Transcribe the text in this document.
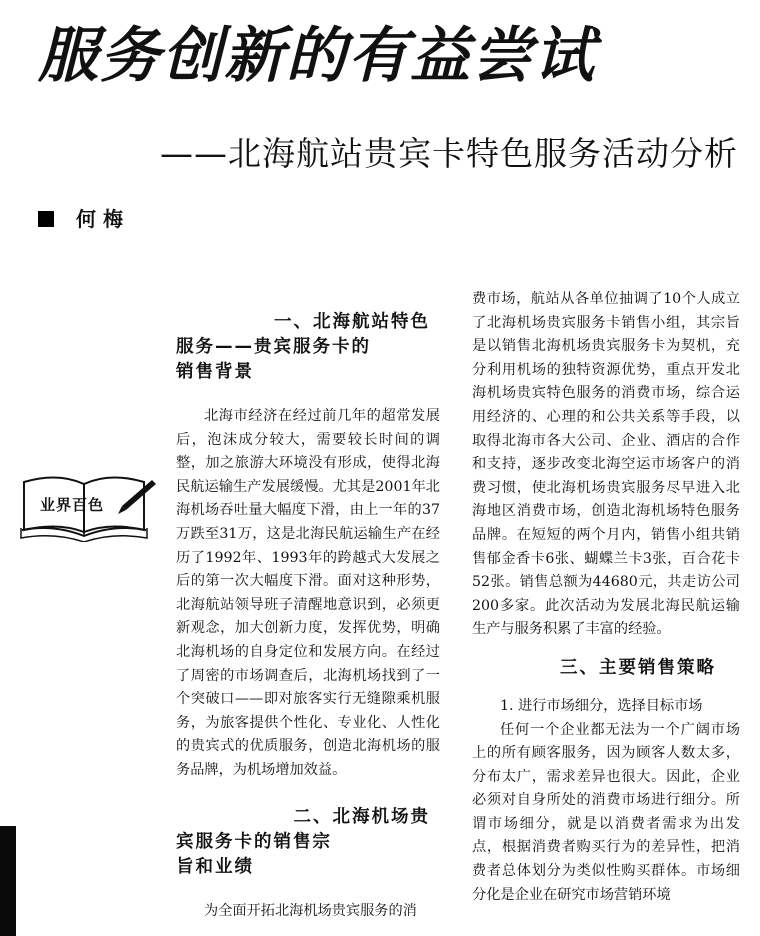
服务创新的有益尝试
——北海航站贵宾卡特色服务活动分析
何 梅
业界百色
一、北海航站特色
服务——贵宾服务卡的
销售背景

北海市经济在经过前几年的超常发展后，泡沫成分较大，需要较长时间的调整，加之旅游大环境没有形成，使得北海民航运输生产发展缓慢。尤其是2001年北海机场吞吐量大幅度下滑，由上一年的37万跌至31万，这是北海民航运输生产在经历了1992年、1993年的跨越式大发展之后的第一次大幅度下滑。面对这种形势，北海航站领导班子清醒地意识到，必须更新观念，加大创新力度，发挥优势，明确北海机场的自身定位和发展方向。在经过了周密的市场调查后，北海机场找到了一个突破口——即对旅客实行无缝隙乘机服务，为旅客提供个性化、专业化、人性化的贵宾式的优质服务，创造北海机场的服务品牌，为机场增加效益。

二、北海机场贵
宾服务卡的销售宗
旨和业绩

为全面开拓北海机场贵宾服务的消

费市场，航站从各单位抽调了10个人成立了北海机场贵宾服务卡销售小组，其宗旨是以销售北海机场贵宾服务卡为契机，充分利用机场的独特资源优势，重点开发北海机场贵宾特色服务的消费市场，综合运用经济的、心理的和公共关系等手段，以取得北海市各大公司、企业、酒店的合作和支持，逐步改变北海空运市场客户的消费习惯，使北海机场贵宾服务尽早进入北海地区消费市场，创造北海机场特色服务品牌。在短短的两个月内，销售小组共销售郁金香卡6张、蝴蝶兰卡3张，百合花卡52张。销售总额为44680元，共走访公司200多家。此次活动为发展北海民航运输生产与服务积累了丰富的经验。

三、主要销售策略

1. 进行市场细分，选择目标市场

任何一个企业都无法为一个广阔市场上的所有顾客服务，因为顾客人数太多，分布太广，需求差异也很大。因此，企业必须对自身所处的消费市场进行细分。所谓市场细分，就是以消费者需求为出发点，根据消费者购买行为的差异性，把消费者总体划分为类似性购买群体。市场细分化是企业在研究市场营销环境
